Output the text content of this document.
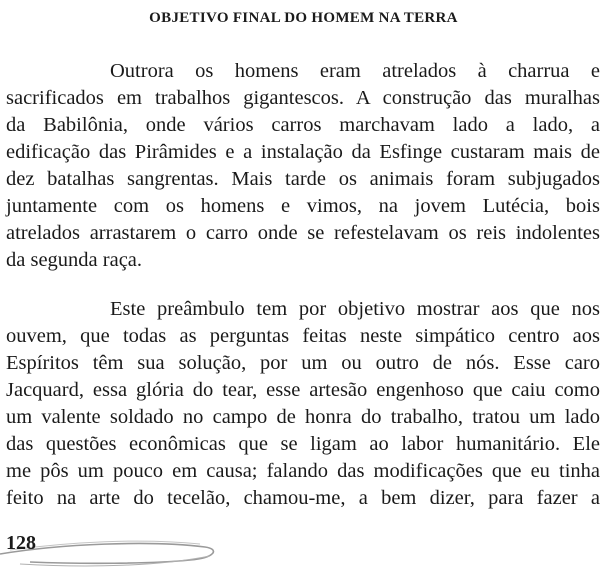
OBJETIVO FINAL DO HOMEM NA TERRA
Outrora os homens eram atrelados à charrua e
sacrificados em trabalhos gigantescos. A construção das muralhas
da Babilônia, onde vários carros marchavam lado a lado, a
edificação das Pirâmides e a instalação da Esfinge custaram mais de
dez batalhas sangrentas. Mais tarde os animais foram subjugados
juntamente com os homens e vimos, na jovem Lutécia, bois
atrelados arrastarem o carro onde se refestelavam os reis indolentes
da segunda raça.
Este preâmbulo tem por objetivo mostrar aos que nos
ouvem, que todas as perguntas feitas neste simpático centro aos
Espíritos têm sua solução, por um ou outro de nós. Esse caro
Jacquard, essa glória do tear, esse artesão engenhoso que caiu como
um valente soldado no campo de honra do trabalho, tratou um lado
das questões econômicas que se ligam ao labor humanitário. Ele
me pôs um pouco em causa; falando das modificações que eu tinha
feito na arte do tecelão, chamou-me, a bem dizer, para fazer a
128
